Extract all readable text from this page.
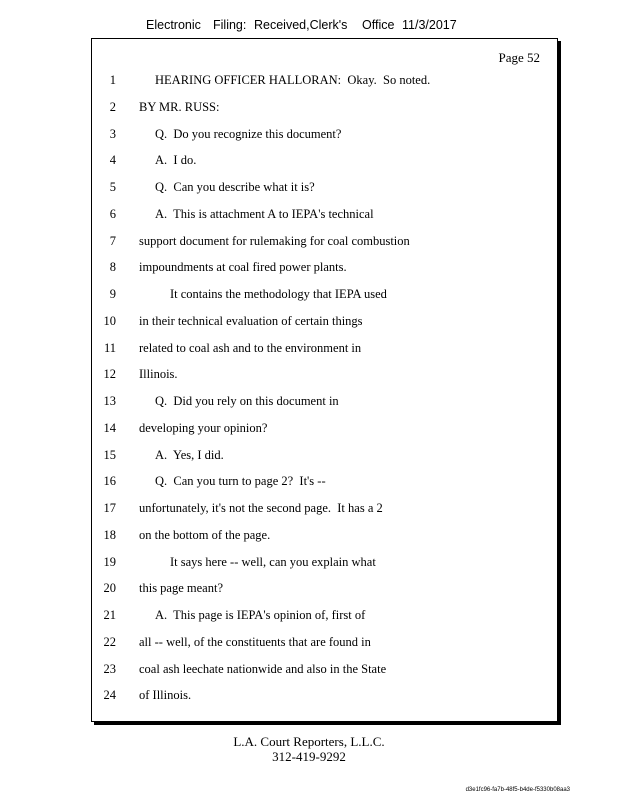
Electronic Filing: Received,Clerk's Office 11/3/2017
Page 52
1	HEARING OFFICER HALLORAN:  Okay.  So noted.
2 BY MR. RUSS:
3	Q.  Do you recognize this document?
4	A.  I do.
5	Q.  Can you describe what it is?
6	A.  This is attachment A to IEPA's technical
7 support document for rulemaking for coal combustion
8 impoundments at coal fired power plants.
9	It contains the methodology that IEPA used
10 in their technical evaluation of certain things
11 related to coal ash and to the environment in
12 Illinois.
13	Q.  Did you rely on this document in
14 developing your opinion?
15	A.  Yes, I did.
16	Q.  Can you turn to page 2?  It's --
17 unfortunately, it's not the second page.  It has a 2
18 on the bottom of the page.
19	It says here -- well, can you explain what
20 this page meant?
21	A.  This page is IEPA's opinion of, first of
22 all -- well, of the constituents that are found in
23 coal ash leechate nationwide and also in the State
24 of Illinois.
L.A. Court Reporters, L.L.C.
312-419-9292
d3e1fc96-fa7b-48f5-b4de-f5330b08aa3
